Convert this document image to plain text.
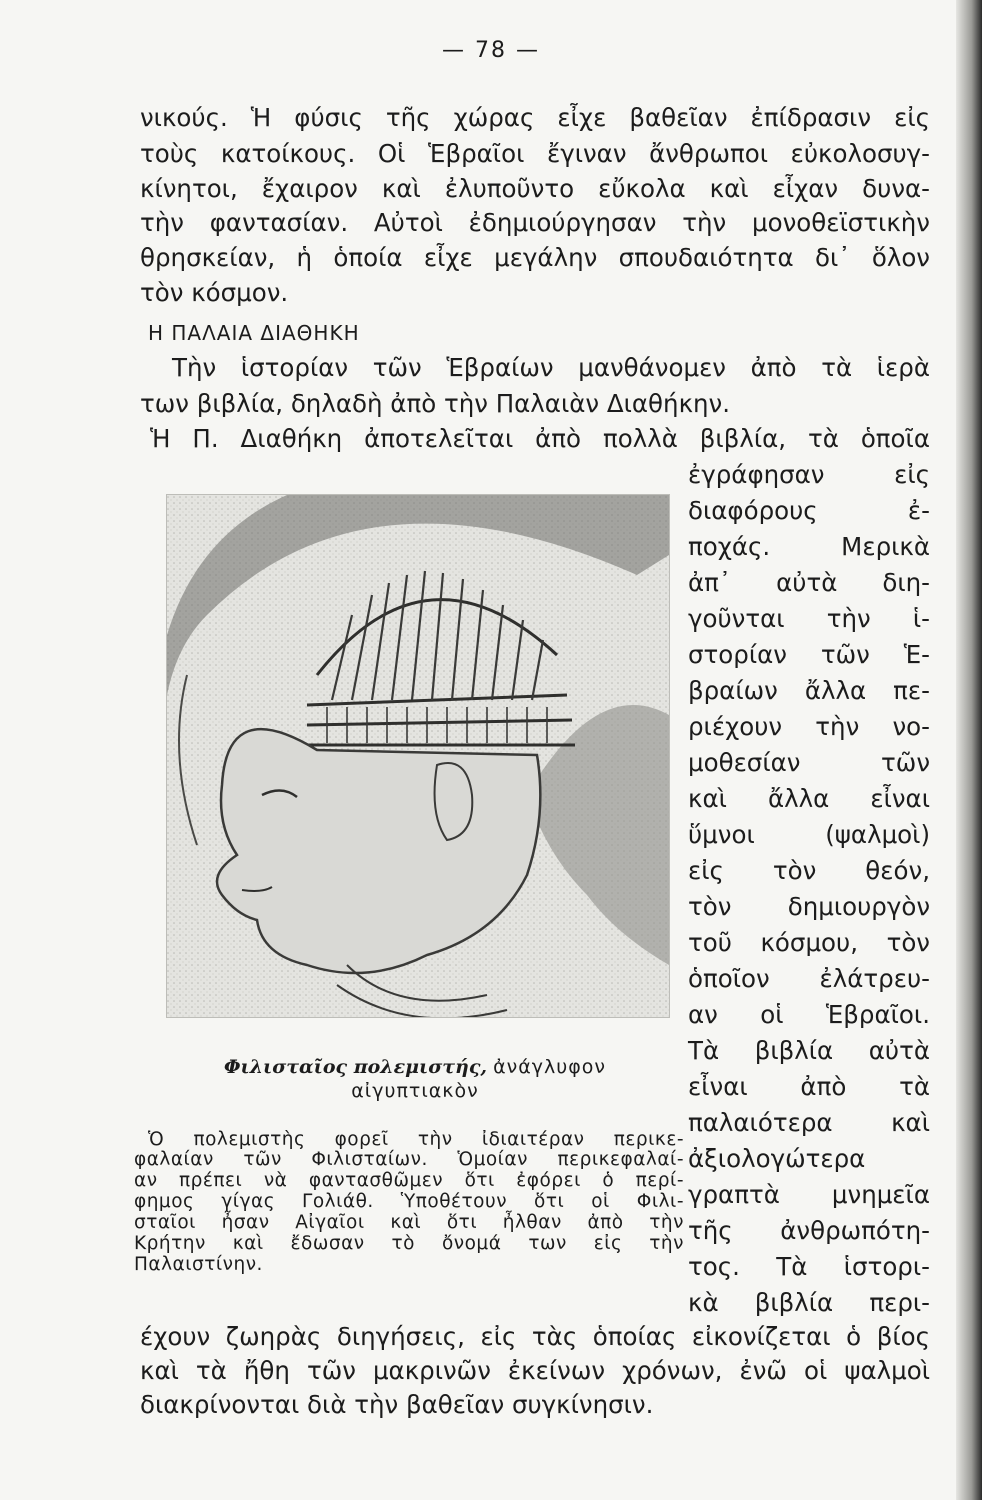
— 78 —
νικούς. Ἡ φύσις τῆς χώρας εἶχε βαθεῖαν ἐπίδρασιν εἰς
τοὺς κατοίκους. Οἱ Ἑβραῖοι ἔγιναν ἄνθρωποι εὐκολοσυγ-
κίνητοι, ἔχαιρον καὶ ἐλυποῦντο εὔκολα καὶ εἶχαν δυνα-
τὴν φαντασίαν. Αὐτοὶ ἐδημιούργησαν τὴν μονοθεϊστικὴν
θρησκείαν, ἡ ὁποία εἶχε μεγάλην σπουδαιότητα δι᾽ ὅλον
τὸν κόσμον.
Η ΠΑΛΑΙΑ ΔΙΑΘΗΚΗ
Τὴν ἱστορίαν τῶν Ἑβραίων μανθάνομεν ἀπὸ τὰ ἱερὰ
των βιβλία, δηλαδὴ ἀπὸ τὴν Παλαιὰν Διαθήκην.
Ἡ Π. Διαθήκη ἀποτελεῖται ἀπὸ πολλὰ βιβλία, τὰ ὁποῖα
ἐγράφησαν εἰς
διαφόρους ἐ-
ποχάς. Μερικὰ
ἀπ᾽ αὐτὰ διη-
γοῦνται τὴν ἱ-
στορίαν τῶν Ἑ-
βραίων ἄλλα πε-
ριέχουν τὴν νο-
μοθεσίαν τῶν
καὶ ἄλλα εἶναι
ὕμνοι (ψαλμοὶ)
εἰς τὸν θεόν,
τὸν δημιουργὸν
τοῦ κόσμου, τὸν
ὁποῖον ἐλάτρευ-
αν οἱ Ἑβραῖοι.
Τὰ βιβλία αὐτὰ
εἶναι ἀπὸ τὰ
παλαιότερα καὶ
ἀξιολογώτερα
γραπτὰ μνημεῖα
τῆς ἀνθρωπότη-
τος. Τὰ ἱστορι-
κὰ βιβλία περι-
Φιλισταῖος πολεμιστής, ἀνάγλυφον
αἰγυπτιακὸν
Ὁ πολεμιστὴς φορεῖ τὴν ἰδιαιτέραν περικε-
φαλαίαν τῶν Φιλισταίων. Ὁμοίαν περικεφαλαί-
αν πρέπει νὰ φαντασθῶμεν ὅτι ἐφόρει ὁ περί-
φημος γίγας Γολιάθ. Ὑποθέτουν ὅτι οἱ Φιλι-
σταῖοι ἦσαν Αἰγαῖοι καὶ ὅτι ἦλθαν ἀπὸ τὴν
Κρήτην καὶ ἔδωσαν τὸ ὄνομά των εἰς τὴν
Παλαιστίνην.
έχουν ζωηρὰς διηγήσεις, εἰς τὰς ὁποίας εἰκονίζεται ὁ βίος
καὶ τὰ ἤθη τῶν μακρινῶν ἐκείνων χρόνων, ἐνῶ οἱ ψαλμοὶ
διακρίνονται διὰ τὴν βαθεῖαν συγκίνησιν.
